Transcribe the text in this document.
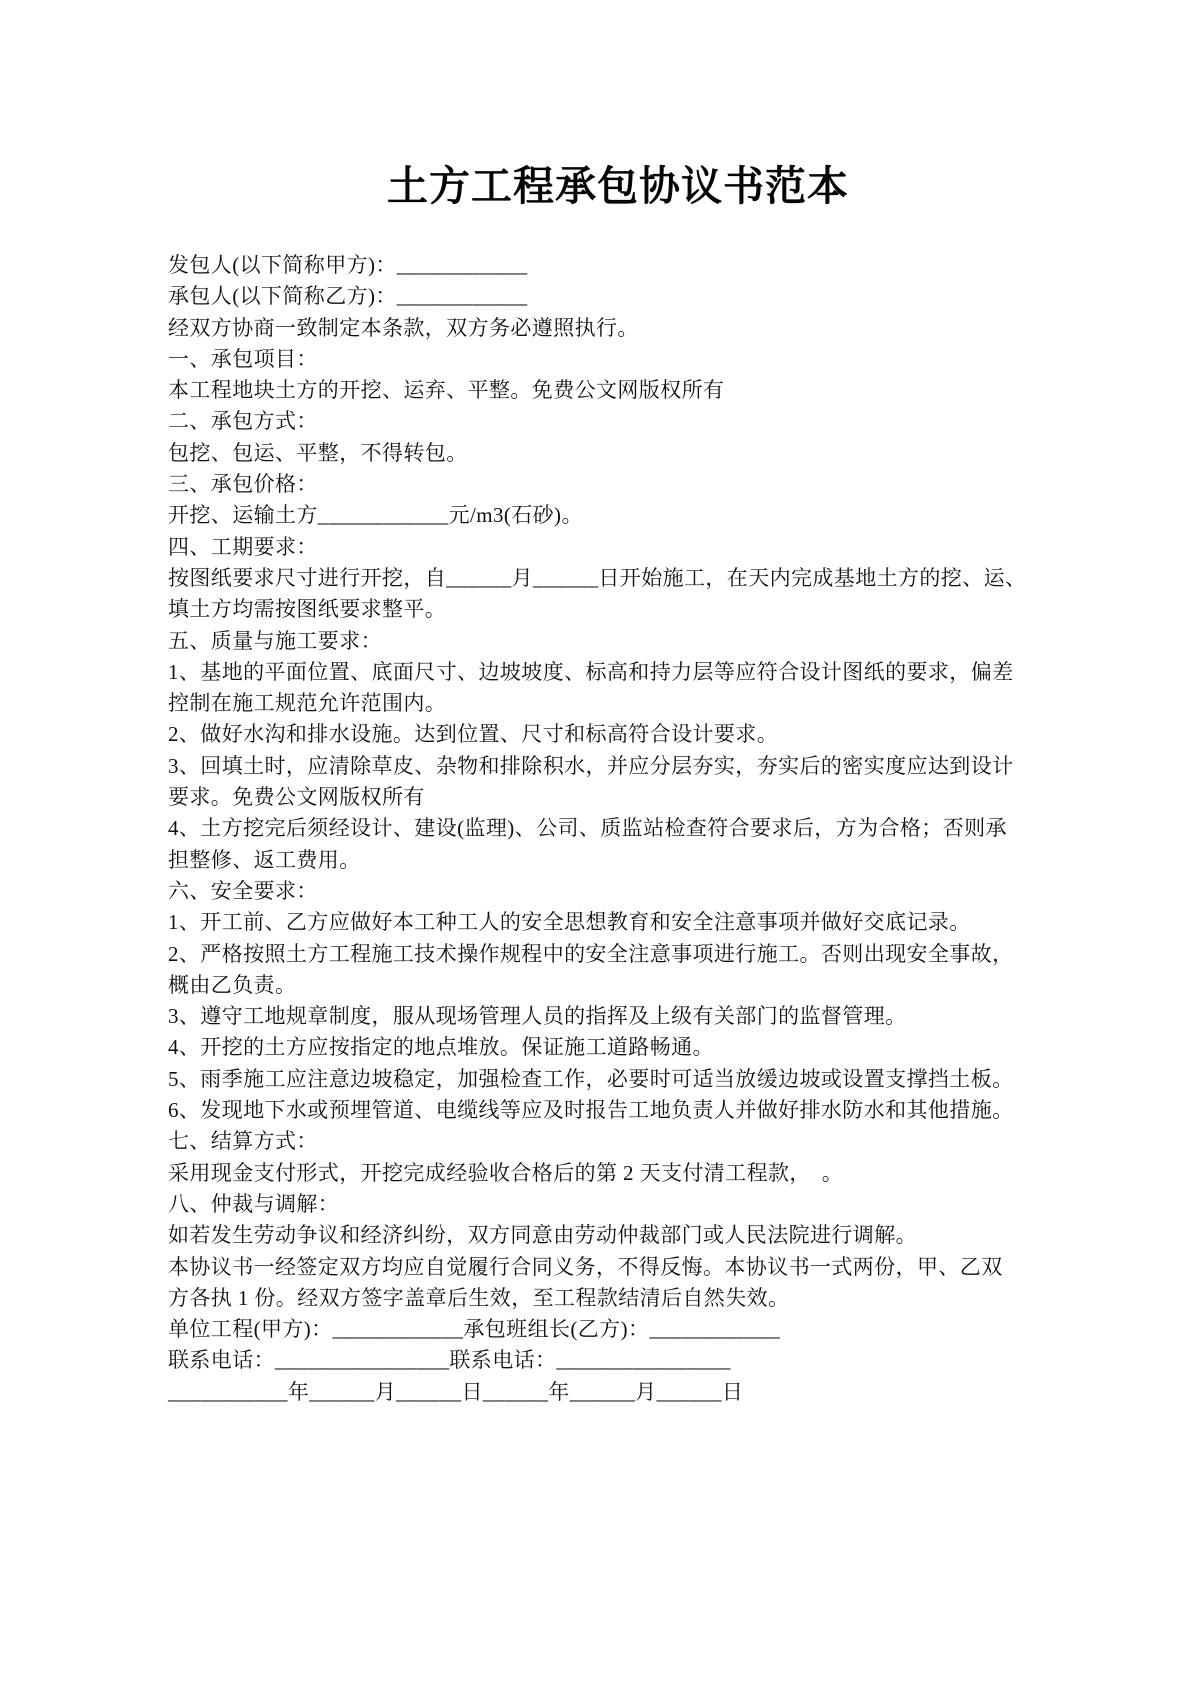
土方工程承包协议书范本
发包人(以下简称甲方)：____________
承包人(以下简称乙方)：____________
经双方协商一致制定本条款，双方务必遵照执行。
一、承包项目：
本工程地块土方的开挖、运弃、平整。免费公文网版权所有
二、承包方式：
包挖、包运、平整，不得转包。
三、承包价格：
开挖、运输土方____________元/m3(石砂)。
四、工期要求：
按图纸要求尺寸进行开挖，自______月______日开始施工，在天内完成基地土方的挖、运、
填土方均需按图纸要求整平。
五、质量与施工要求：
1、基地的平面位置、底面尺寸、边坡坡度、标高和持力层等应符合设计图纸的要求，偏差
控制在施工规范允许范围内。
2、做好水沟和排水设施。达到位置、尺寸和标高符合设计要求。
3、回填土时，应清除草皮、杂物和排除积水，并应分层夯实，夯实后的密实度应达到设计
要求。免费公文网版权所有
4、土方挖完后须经设计、建设(监理)、公司、质监站检查符合要求后，方为合格；否则承
担整修、返工费用。
六、安全要求：
1、开工前、乙方应做好本工种工人的安全思想教育和安全注意事项并做好交底记录。
2、严格按照土方工程施工技术操作规程中的安全注意事项进行施工。否则出现安全事故，
概由乙负责。
3、遵守工地规章制度，服从现场管理人员的指挥及上级有关部门的监督管理。
4、开挖的土方应按指定的地点堆放。保证施工道路畅通。
5、雨季施工应注意边坡稳定，加强检查工作，必要时可适当放缓边坡或设置支撑挡土板。
6、发现地下水或预埋管道、电缆线等应及时报告工地负责人并做好排水防水和其他措施。
七、结算方式：
采用现金支付形式，开挖完成经验收合格后的第 2 天支付清工程款，　。
八、仲裁与调解：
如若发生劳动争议和经济纠纷，双方同意由劳动仲裁部门或人民法院进行调解。
本协议书一经签定双方均应自觉履行合同义务，不得反悔。本协议书一式两份，甲、乙双
方各执 1 份。经双方签字盖章后生效，至工程款结清后自然失效。
单位工程(甲方)：____________承包班组长(乙方)：____________
联系电话：________________联系电话：________________
___________年______月______日______年______月______日
